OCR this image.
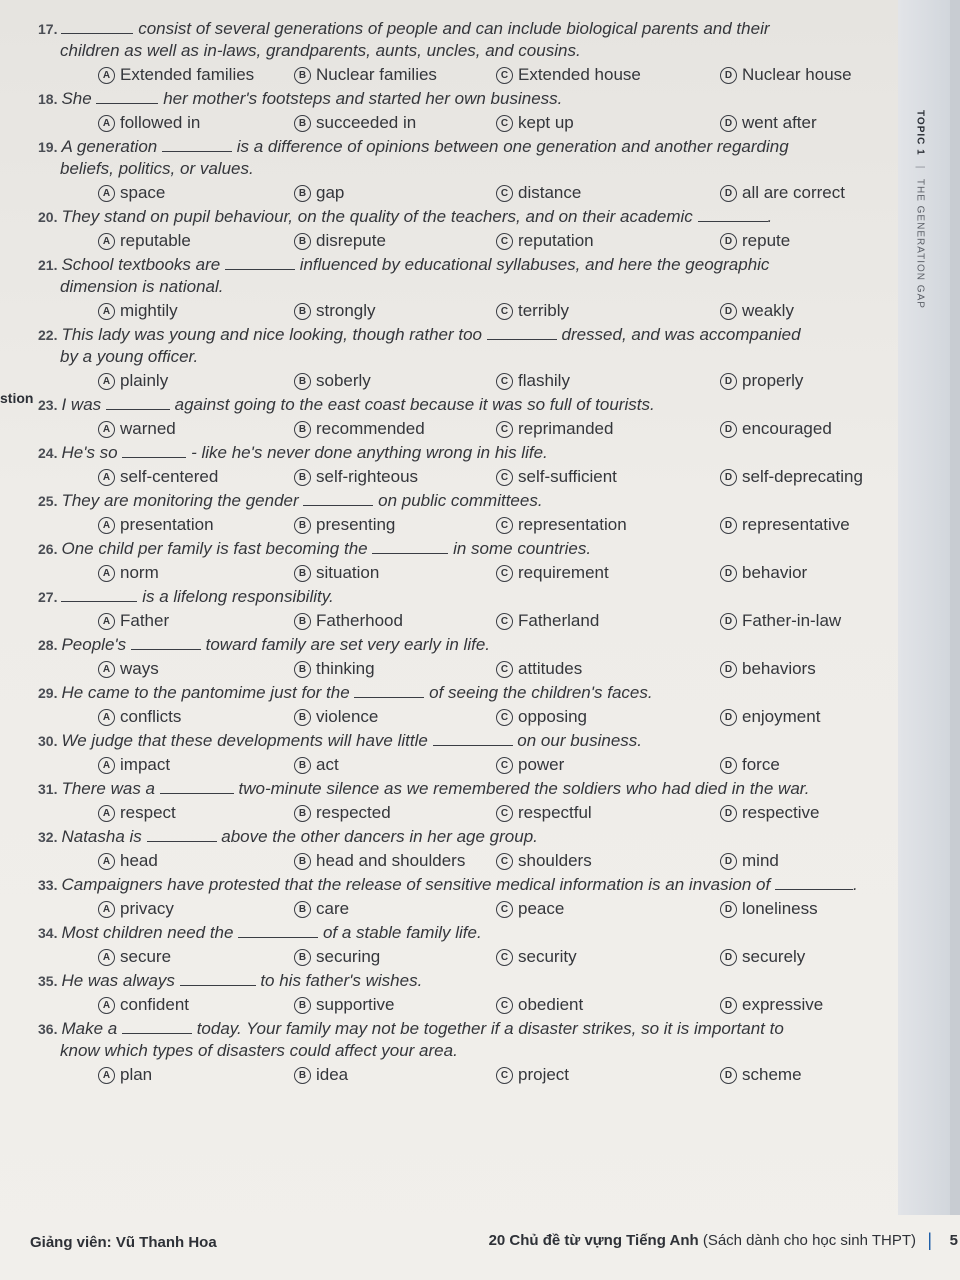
TOPIC 1 | THE GENERATION GAP
stion
17.	consist of several generations of people and can include biological parents and their
children as well as in-laws, grandparents, aunts, uncles, and cousins.
A Extended families	B Nuclear families	C Extended house	D Nuclear house
18. She	her mother's footsteps and started her own business.
A followed in	B succeeded in	C kept up	D went after
19. A generation	is a difference of opinions between one generation and another regarding
beliefs, politics, or values.
A space	B gap	C distance	D all are correct
20. They stand on pupil behaviour, on the quality of the teachers, and on their academic	.
A reputable	B disrepute	C reputation	D repute
21. School textbooks are	influenced by educational syllabuses, and here the geographic
dimension is national.
A mightily	B strongly	C terribly	D weakly
22. This lady was young and nice looking, though rather too	dressed, and was accompanied
by a young officer.
A plainly	B soberly	C flashily	D properly
23. I was	against going to the east coast because it was so full of tourists.
A warned	B recommended	C reprimanded	D encouraged
24. He's so	- like he's never done anything wrong in his life.
A self-centered	B self-righteous	C self-sufficient	D self-deprecating
25. They are monitoring the gender	on public committees.
A presentation	B presenting	C representation	D representative
26. One child per family is fast becoming the	in some countries.
A norm	B situation	C requirement	D behavior
27.	is a lifelong responsibility.
A Father	B Fatherhood	C Fatherland	D Father-in-law
28. People's	toward family are set very early in life.
A ways	B thinking	C attitudes	D behaviors
29. He came to the pantomime just for the	of seeing the children's faces.
A conflicts	B violence	C opposing	D enjoyment
30. We judge that these developments will have little	on our business.
A impact	B act	C power	D force
31. There was a	two-minute silence as we remembered the soldiers who had died in the war.
A respect	B respected	C respectful	D respective
32. Natasha is	above the other dancers in her age group.
A head	B head and shoulders	C shoulders	D mind
33. Campaigners have protested that the release of sensitive medical information is an invasion of	.
A privacy	B care	C peace	D loneliness
34. Most children need the	of a stable family life.
A secure	B securing	C security	D securely
35. He was always	to his father's wishes.
A confident	B supportive	C obedient	D expressive
36. Make a	today. Your family may not be together if a disaster strikes, so it is important to
know which types of disasters could affect your area.
A plan	B idea	C project	D scheme
Giảng viên: Vũ Thanh Hoa	20 Chủ đề từ vựng Tiếng Anh (Sách dành cho học sinh THPT) | 5
